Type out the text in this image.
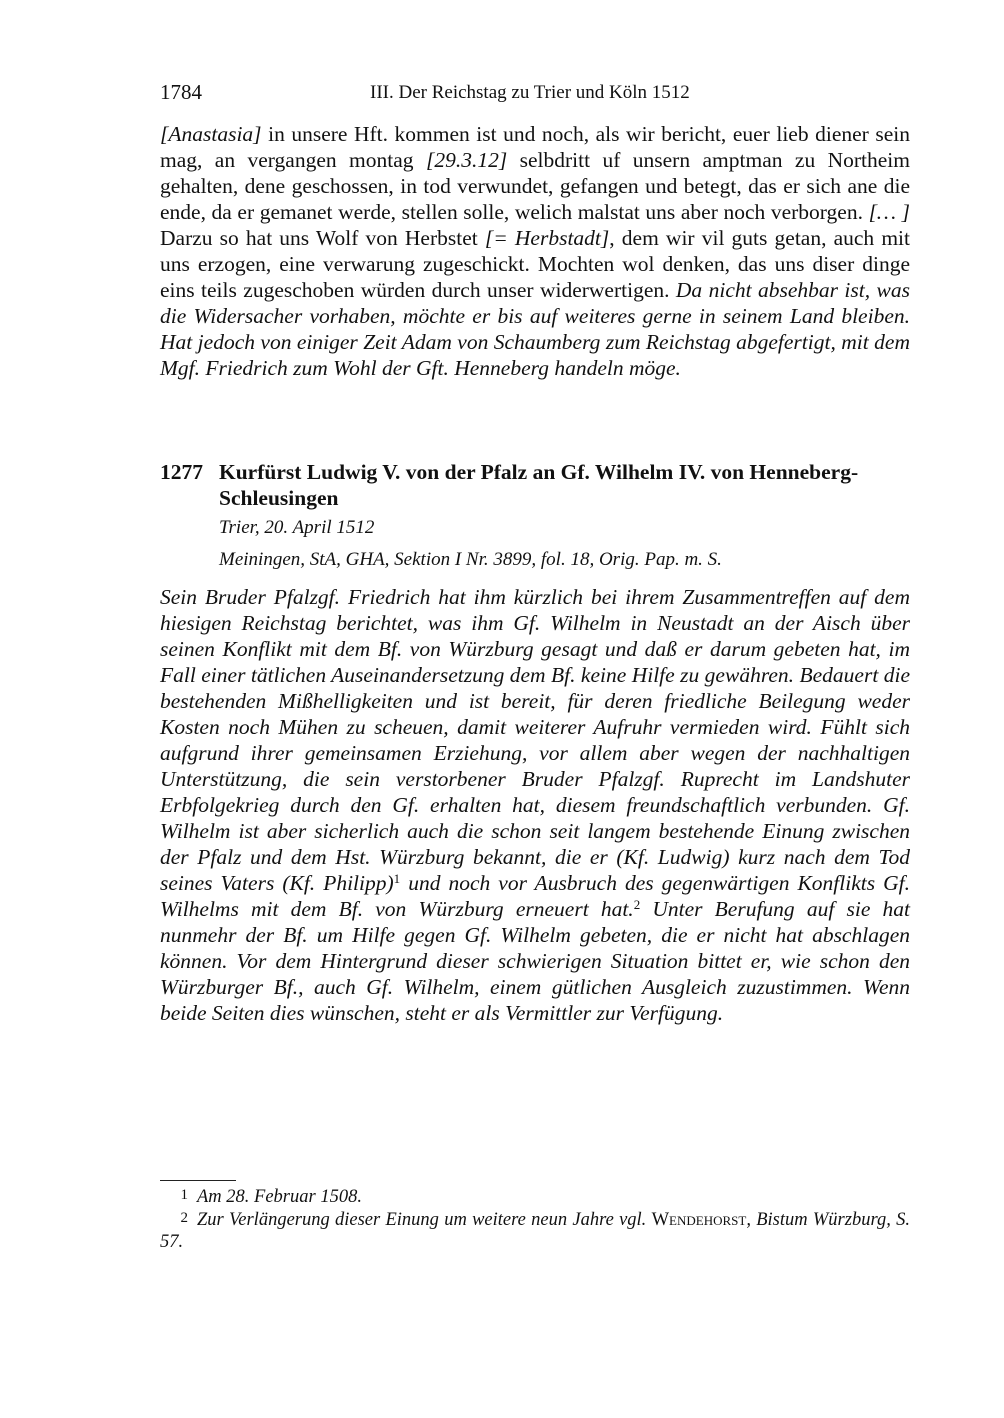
1784	III. Der Reichstag zu Trier und Köln 1512

[Anastasia] in unsere Hft. kommen ist und noch, als wir bericht, euer lieb diener sein mag, an vergangen montag [29.3.12] selbdritt uf unsern amptman zu Northeim gehalten, dene geschossen, in tod verwundet, gefangen und betegt, das er sich ane die ende, da er gemanet werde, stellen solle, welich malstat uns aber noch verborgen. [… ] Darzu so hat uns Wolf von Herbstet [= Herbstadt], dem wir vil guts getan, auch mit uns erzogen, eine verwarung zugeschickt. Mochten wol denken, das uns diser dinge eins teils zugeschoben würden durch unser widerwertigen. Da nicht absehbar ist, was die Widersacher vorhaben, möchte er bis auf weiteres gerne in seinem Land bleiben. Hat jedoch von einiger Zeit Adam von Schaumberg zum Reichstag abgefertigt, mit dem Mgf. Friedrich zum Wohl der Gft. Henneberg handeln möge.

1277 Kurfürst Ludwig V. von der Pfalz an Gf. Wilhelm IV. von Henneberg-Schleusingen
Trier, 20. April 1512
Meiningen, StA, GHA, Sektion I Nr. 3899, fol. 18, Orig. Pap. m. S.

Sein Bruder Pfalzgf. Friedrich hat ihm kürzlich bei ihrem Zusammentreffen auf dem hiesigen Reichstag berichtet, was ihm Gf. Wilhelm in Neustadt an der Aisch über seinen Konflikt mit dem Bf. von Würzburg gesagt und daß er darum gebeten hat, im Fall einer tätlichen Auseinandersetzung dem Bf. keine Hilfe zu gewähren. Bedauert die bestehenden Mißhelligkeiten und ist bereit, für deren friedliche Beilegung weder Kosten noch Mühen zu scheuen, damit weiterer Aufruhr vermieden wird. Fühlt sich aufgrund ihrer gemeinsamen Erziehung, vor allem aber wegen der nachhaltigen Unterstützung, die sein verstorbener Bruder Pfalzgf. Ruprecht im Landshuter Erbfolgekrieg durch den Gf. erhalten hat, diesem freundschaftlich verbunden. Gf. Wilhelm ist aber sicherlich auch die schon seit langem bestehende Einung zwischen der Pfalz und dem Hst. Würzburg bekannt, die er (Kf. Ludwig) kurz nach dem Tod seines Vaters (Kf. Philipp)$^1$ und noch vor Ausbruch des gegenwärtigen Konflikts Gf. Wilhelms mit dem Bf. von Würzburg erneuert hat.$^2$ Unter Berufung auf sie hat nunmehr der Bf. um Hilfe gegen Gf. Wilhelm gebeten, die er nicht hat abschlagen können. Vor dem Hintergrund dieser schwierigen Situation bittet er, wie schon den Würzburger Bf., auch Gf. Wilhelm, einem gütlichen Ausgleich zuzustimmen. Wenn beide Seiten dies wünschen, steht er als Vermittler zur Verfügung.

1 Am 28. Februar 1508.
2 Zur Verlängerung dieser Einung um weitere neun Jahre vgl. Wendehorst, Bistum Würzburg, S. 57.
